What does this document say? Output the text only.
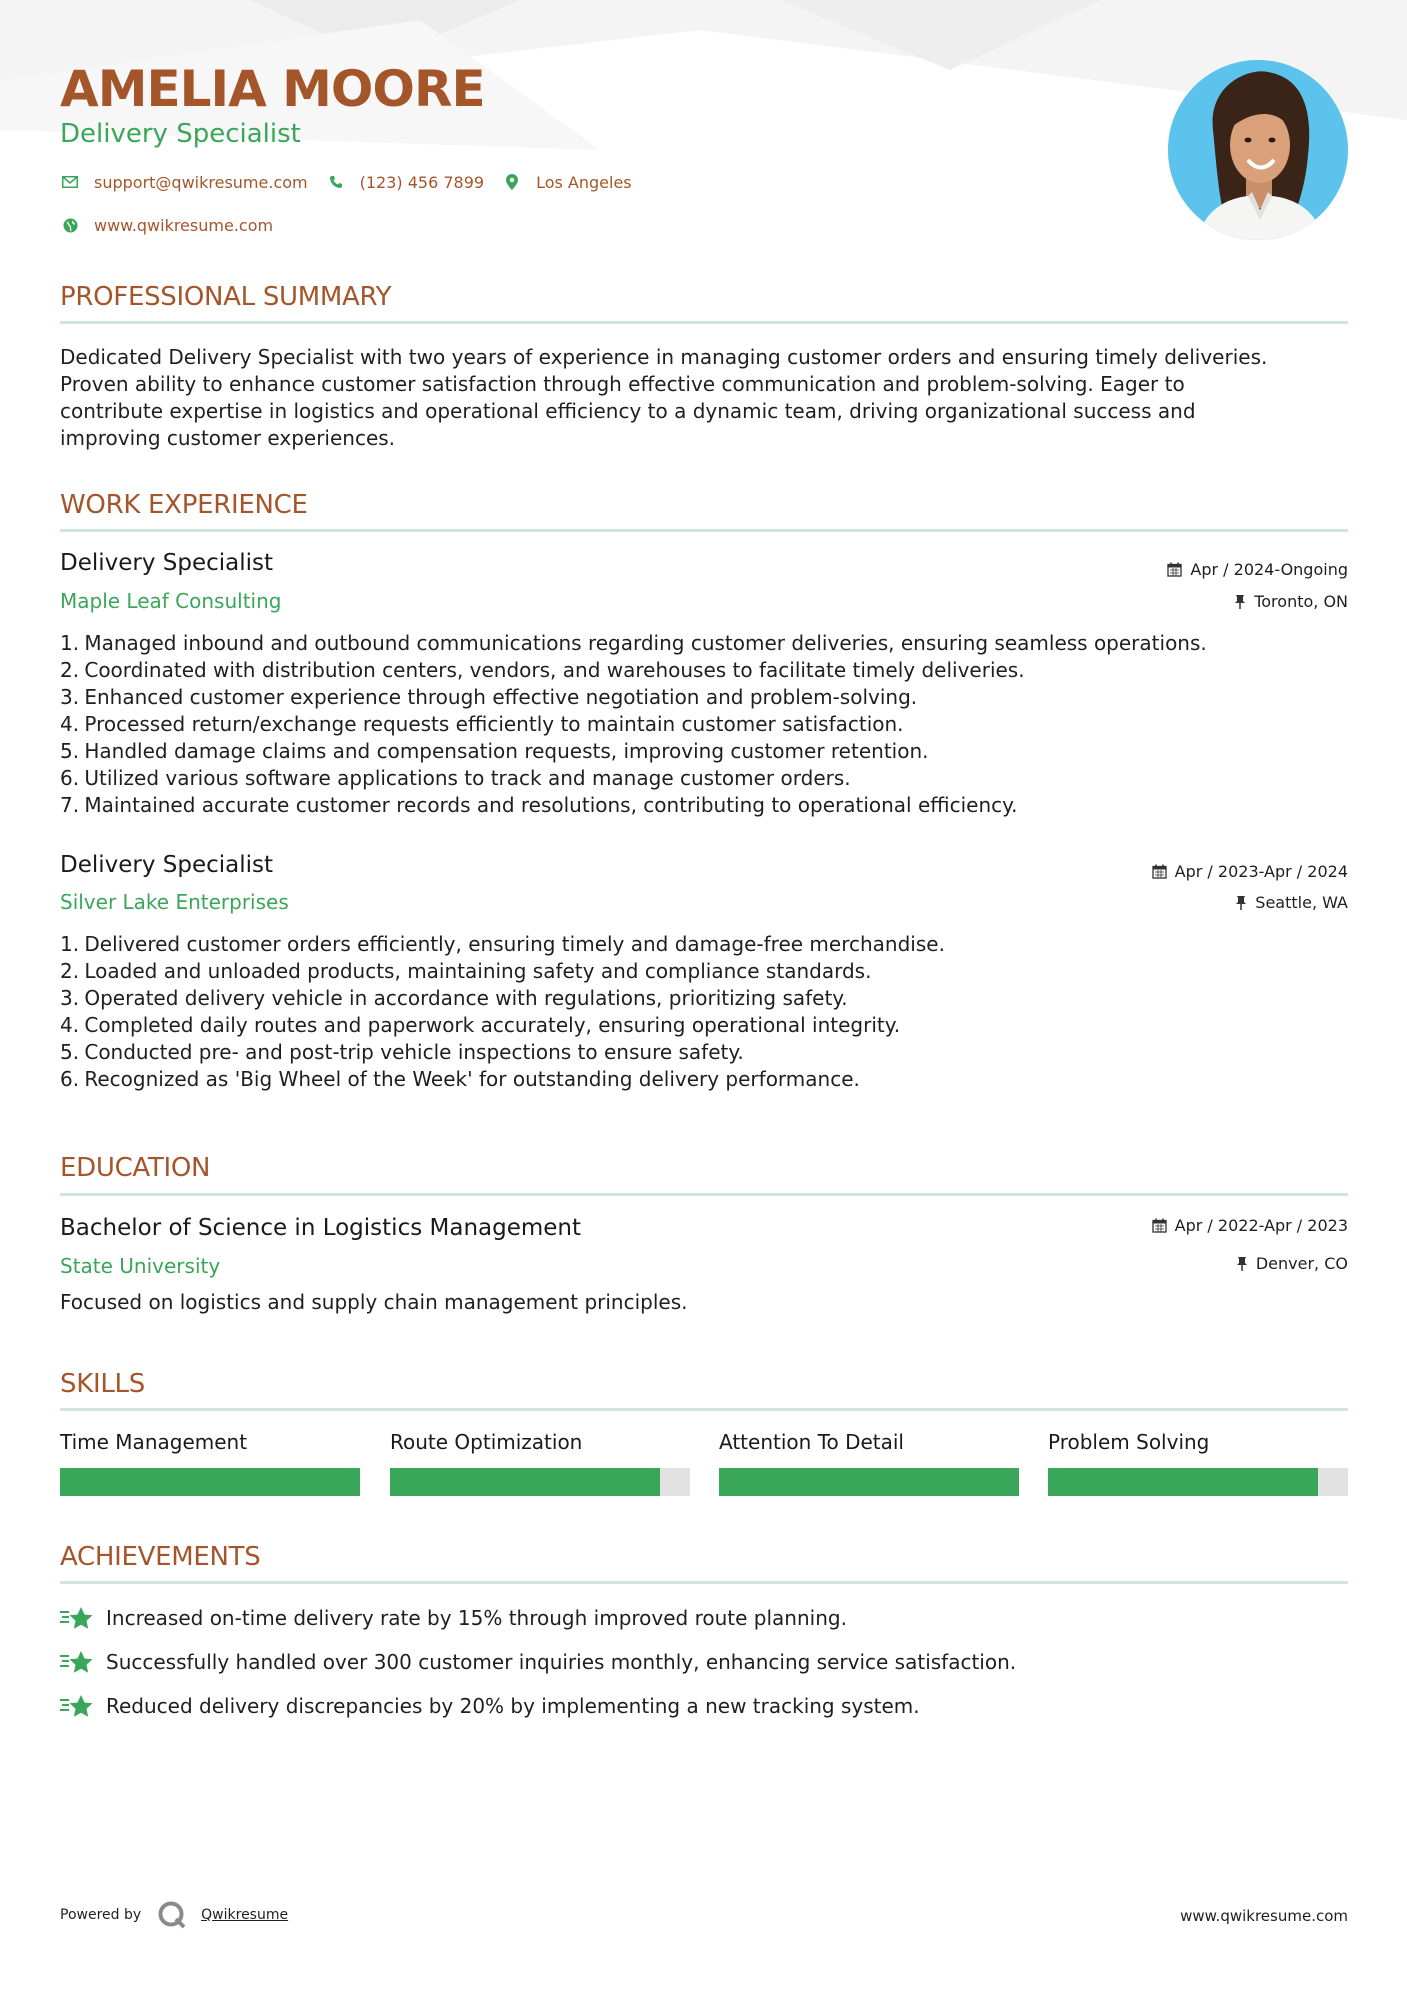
AMELIA MOORE
Delivery Specialist
support@qwikresume.com	(123) 456 7899	Los Angeles
www.qwikresume.com
PROFESSIONAL SUMMARY
Dedicated Delivery Specialist with two years of experience in managing customer orders and ensuring timely deliveries.
Proven ability to enhance customer satisfaction through effective communication and problem-solving. Eager to
contribute expertise in logistics and operational efficiency to a dynamic team, driving organizational success and
improving customer experiences.
WORK EXPERIENCE
Delivery Specialist
Maple Leaf Consulting
Apr / 2024-Ongoing
Toronto, ON
1. Managed inbound and outbound communications regarding customer deliveries, ensuring seamless operations.
2. Coordinated with distribution centers, vendors, and warehouses to facilitate timely deliveries.
3. Enhanced customer experience through effective negotiation and problem-solving.
4. Processed return/exchange requests efficiently to maintain customer satisfaction.
5. Handled damage claims and compensation requests, improving customer retention.
6. Utilized various software applications to track and manage customer orders.
7. Maintained accurate customer records and resolutions, contributing to operational efficiency.
Delivery Specialist
Silver Lake Enterprises
Apr / 2023-Apr / 2024
Seattle, WA
1. Delivered customer orders efficiently, ensuring timely and damage-free merchandise.
2. Loaded and unloaded products, maintaining safety and compliance standards.
3. Operated delivery vehicle in accordance with regulations, prioritizing safety.
4. Completed daily routes and paperwork accurately, ensuring operational integrity.
5. Conducted pre- and post-trip vehicle inspections to ensure safety.
6. Recognized as 'Big Wheel of the Week' for outstanding delivery performance.
EDUCATION
Bachelor of Science in Logistics Management
State University
Apr / 2022-Apr / 2023
Denver, CO
Focused on logistics and supply chain management principles.
SKILLS
Time Management	Route Optimization	Attention To Detail	Problem Solving
ACHIEVEMENTS
Increased on-time delivery rate by 15% through improved route planning.
Successfully handled over 300 customer inquiries monthly, enhancing service satisfaction.
Reduced delivery discrepancies by 20% by implementing a new tracking system.
Powered by	Qwikresume	www.qwikresume.com
